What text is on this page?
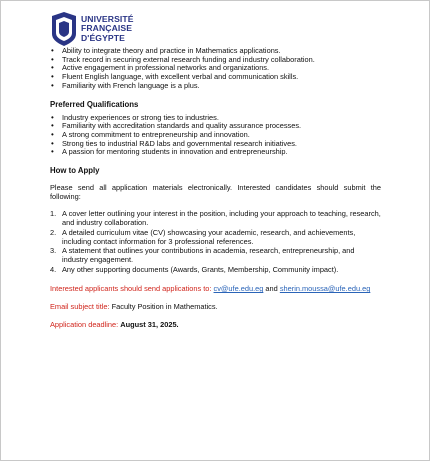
UNIVERSITÉ
FRANÇAISE
D'ÉGYPTE
• Ability to integrate theory and practice in Mathematics applications.
• Track record in securing external research funding and industry collaboration.
• Active engagement in professional networks and organizations.
• Fluent English language, with excellent verbal and communication skills.
• Familiarity with French language is a plus.
Preferred Qualifications
• Industry experiences or strong ties to industries.
• Familiarity with accreditation standards and quality assurance processes.
• A strong commitment to entrepreneurship and innovation.
• Strong ties to industrial R&D labs and governmental research initiatives.
• A passion for mentoring students in innovation and entrepreneurship.
How to Apply

Please send all application materials electronically. Interested candidates should submit the following:

1. A cover letter outlining your interest in the position, including your approach to teaching, research, and industry collaboration.
2. A detailed curriculum vitae (CV) showcasing your academic, research, and achievements, including contact information for 3 professional references.
3. A statement that outlines your contributions in academia, research, entrepreneurship, and industry engagement.
4. Any other supporting documents (Awards, Grants, Membership, Community impact).

Interested applicants should send applications to: cv@ufe.edu.eg and sherin.moussa@ufe.edu.eg

Email subject title: Faculty Position in Mathematics.

Application deadline: August 31, 2025.
